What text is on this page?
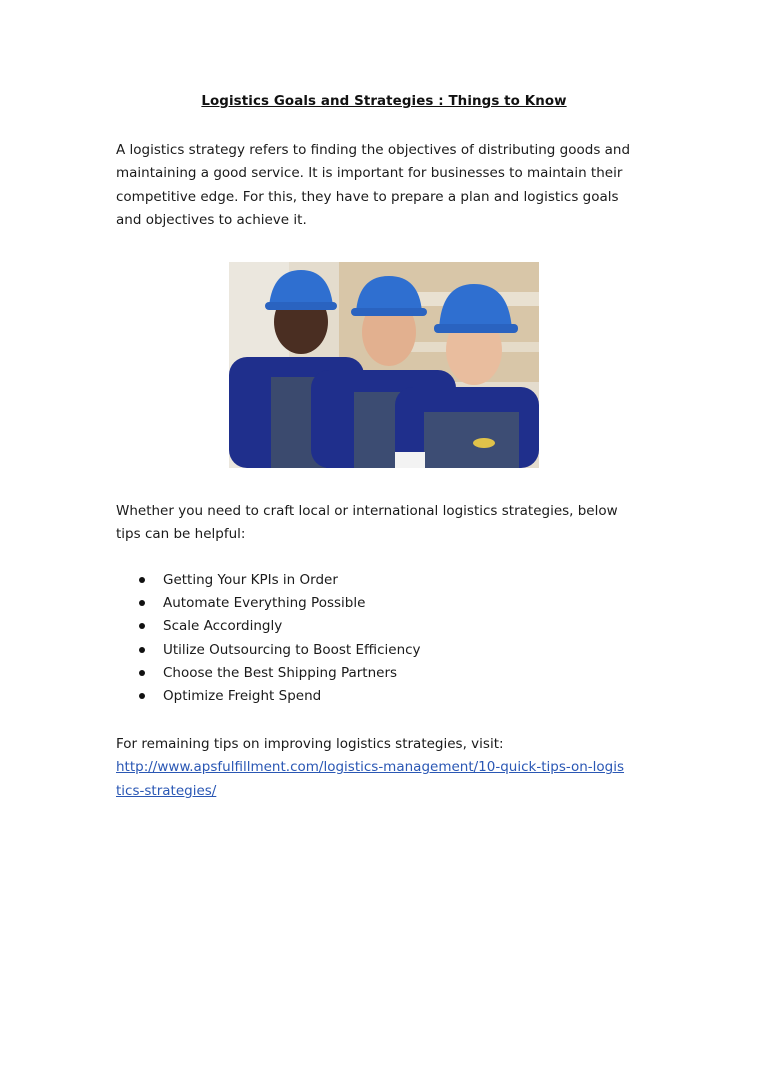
Logistics Goals and Strategies : Things to Know
A logistics strategy refers to finding the objectives of distributing goods and
maintaining a good service. It is important for businesses to maintain their
competitive edge. For this, they have to prepare a plan and logistics goals
and objectives to achieve it.
Whether you need to craft local or international logistics strategies, below
tips can be helpful:
Getting Your KPIs in Order
Automate Everything Possible
Scale Accordingly
Utilize Outsourcing to Boost Efficiency
Choose the Best Shipping Partners
Optimize Freight Spend
For remaining tips on improving logistics strategies, visit:
http://www.apsfulfillment.com/logistics-management/10-quick-tips-on-logis
tics-strategies/
